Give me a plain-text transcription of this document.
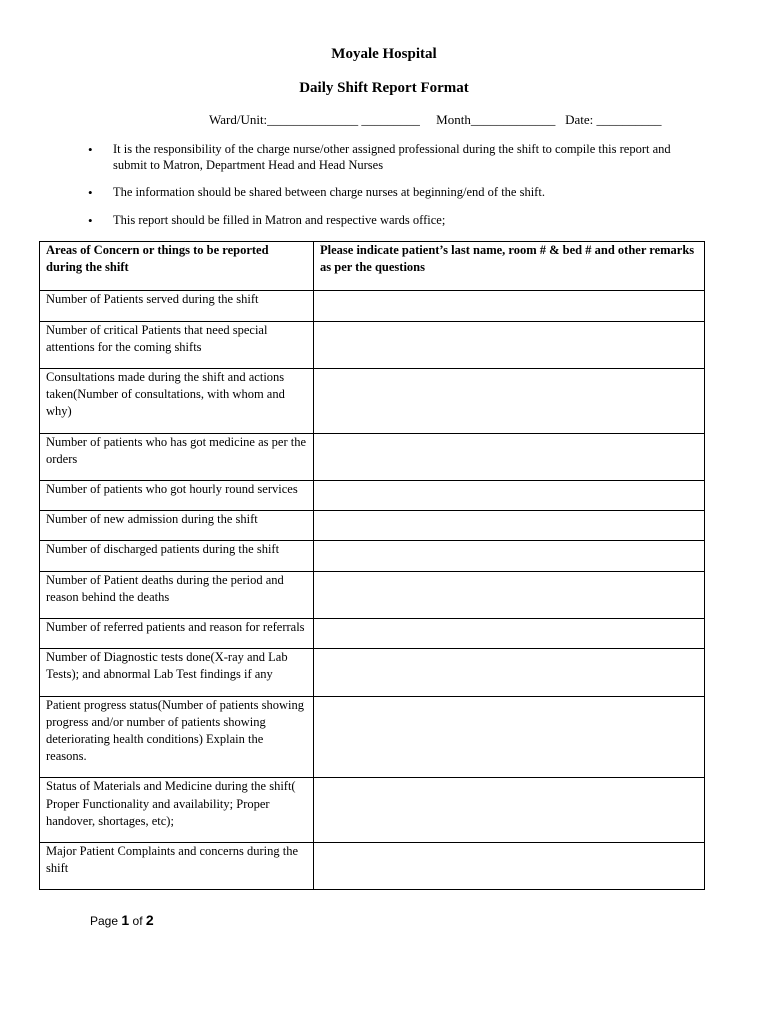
Moyale Hospital
Daily Shift Report Format
Ward/Unit:______________ _________     Month_____________   Date: __________
• It is the responsibility of the charge nurse/other assigned professional during the shift to compile this report and submit to Matron, Department Head and Head Nurses
• The information should be shared between charge nurses at beginning/end of the shift.
• This report should be filled in Matron and respective wards office;
Areas of Concern or things to be reported during the shift	Please indicate patient’s last name, room # & bed # and other remarks as per the questions
Number of Patients served during the shift	
Number of critical Patients that need special attentions for the coming shifts	
Consultations made during the shift and actions taken(Number of consultations, with whom and why)	
Number of patients who has got medicine as per the orders	
Number of patients who got hourly round services	
Number of new admission during the shift	
Number of discharged patients during the shift	
Number of Patient deaths during the period and reason behind the deaths	
Number of referred patients and reason for referrals	
Number of Diagnostic tests done(X-ray and Lab Tests); and abnormal Lab Test findings if any	
Patient progress status(Number of patients showing progress and/or number of patients showing deteriorating health conditions) Explain the reasons.	
Status of Materials and Medicine during the shift( Proper Functionality and availability; Proper handover, shortages, etc);	
Major Patient Complaints and concerns during the shift	
Page 1 of 2
